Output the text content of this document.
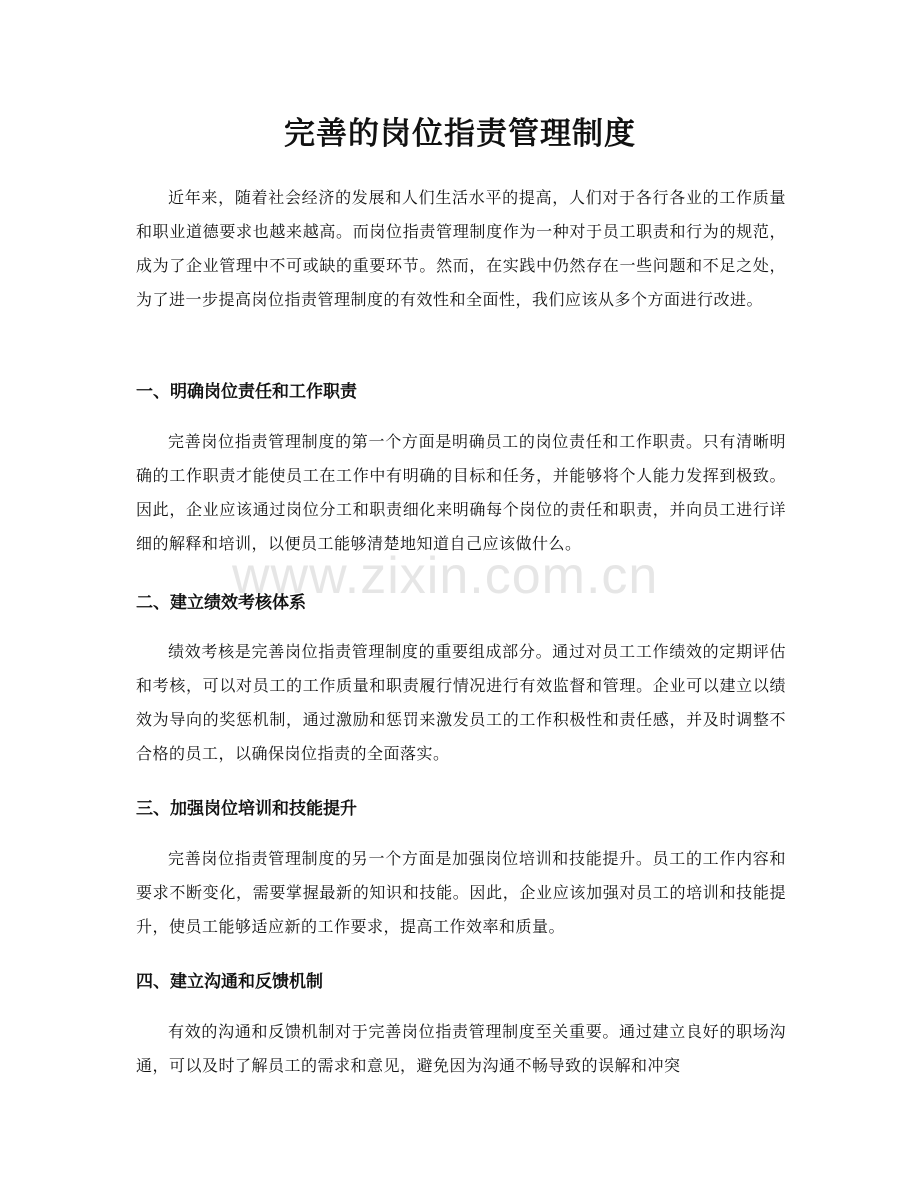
完善的岗位指责管理制度

近年来，随着社会经济的发展和人们生活水平的提高，人们对于各行各业的工作质量和职业道德要求也越来越高。而岗位指责管理制度作为一种对于员工职责和行为的规范，成为了企业管理中不可或缺的重要环节。然而，在实践中仍然存在一些问题和不足之处，为了进一步提高岗位指责管理制度的有效性和全面性，我们应该从多个方面进行改进。

一、明确岗位责任和工作职责

完善岗位指责管理制度的第一个方面是明确员工的岗位责任和工作职责。只有清晰明确的工作职责才能使员工在工作中有明确的目标和任务，并能够将个人能力发挥到极致。因此，企业应该通过岗位分工和职责细化来明确每个岗位的责任和职责，并向员工进行详细的解释和培训，以便员工能够清楚地知道自己应该做什么。

二、建立绩效考核体系

绩效考核是完善岗位指责管理制度的重要组成部分。通过对员工工作绩效的定期评估和考核，可以对员工的工作质量和职责履行情况进行有效监督和管理。企业可以建立以绩效为导向的奖惩机制，通过激励和惩罚来激发员工的工作积极性和责任感，并及时调整不合格的员工，以确保岗位指责的全面落实。

三、加强岗位培训和技能提升

完善岗位指责管理制度的另一个方面是加强岗位培训和技能提升。员工的工作内容和要求不断变化，需要掌握最新的知识和技能。因此，企业应该加强对员工的培训和技能提升，使员工能够适应新的工作要求，提高工作效率和质量。

四、建立沟通和反馈机制

有效的沟通和反馈机制对于完善岗位指责管理制度至关重要。通过建立良好的职场沟通，可以及时了解员工的需求和意见，避免因为沟通不畅导致的误解和冲突

www.zixin.com.cn
